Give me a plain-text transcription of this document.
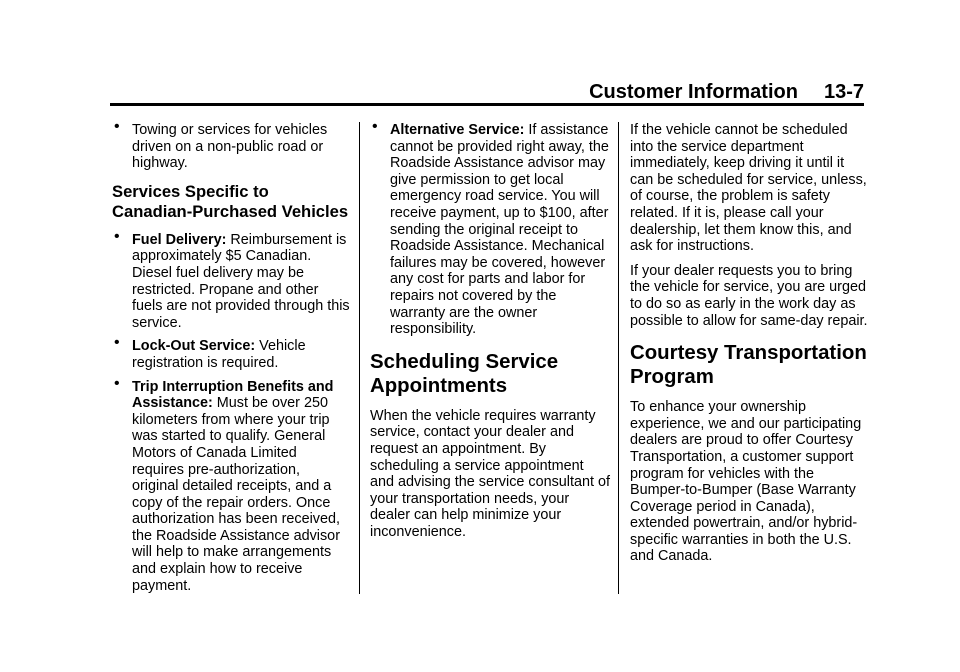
Customer Information 13-7
• Towing or services for vehicles driven on a non-public road or highway.
Services Specific to Canadian-Purchased Vehicles
• Fuel Delivery: Reimbursement is approximately $5 Canadian. Diesel fuel delivery may be restricted. Propane and other fuels are not provided through this service.
• Lock-Out Service: Vehicle registration is required.
• Trip Interruption Benefits and Assistance: Must be over 250 kilometers from where your trip was started to qualify. General Motors of Canada Limited requires pre-authorization, original detailed receipts, and a copy of the repair orders. Once authorization has been received, the Roadside Assistance advisor will help to make arrangements and explain how to receive payment.
• Alternative Service: If assistance cannot be provided right away, the Roadside Assistance advisor may give permission to get local emergency road service. You will receive payment, up to $100, after sending the original receipt to Roadside Assistance. Mechanical failures may be covered, however any cost for parts and labor for repairs not covered by the warranty are the owner responsibility.
Scheduling Service Appointments

When the vehicle requires warranty service, contact your dealer and request an appointment. By scheduling a service appointment and advising the service consultant of your transportation needs, your dealer can help minimize your inconvenience.

If the vehicle cannot be scheduled into the service department immediately, keep driving it until it can be scheduled for service, unless, of course, the problem is safety related. If it is, please call your dealership, let them know this, and ask for instructions.

If your dealer requests you to bring the vehicle for service, you are urged to do so as early in the work day as possible to allow for same-day repair.

Courtesy Transportation Program

To enhance your ownership experience, we and our participating dealers are proud to offer Courtesy Transportation, a customer support program for vehicles with the Bumper-to-Bumper (Base Warranty Coverage period in Canada), extended powertrain, and/or hybrid-specific warranties in both the U.S. and Canada.
